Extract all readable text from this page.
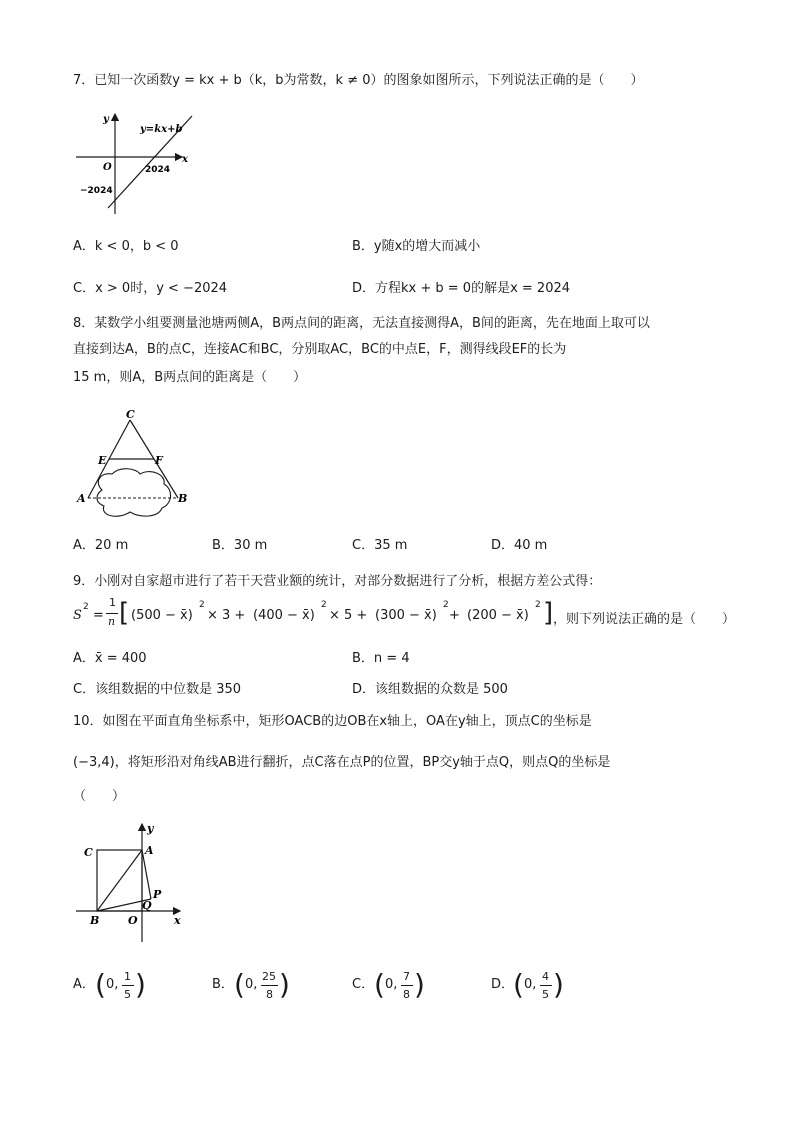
7．已知一次函数y = kx + b（k，b为常数，k ≠ 0）的图象如图所示，下列说法正确的是（　　）
y
y=kx+b
x
O	2024
−2024
A．k < 0，b < 0	B．y随x的增大而减小
C．x > 0时，y < −2024	D．方程kx + b = 0的解是x = 2024
8．某数学小组要测量池塘两侧A，B两点间的距离，无法直接测得A，B间的距离，先在地面上取可以
直接到达A，B的点C，连接AC和BC，分别取AC，BC的中点E，F，测得线段EF的长为
15 m，则A，B两点间的距离是（　　）
C
E	F
A	B
A．20 m	B．30 m	C．35 m	D．40 m
9．小刚对自家超市进行了若干天营业额的统计，对部分数据进行了分析，根据方差公式得：
S
2
=
1
n [ (500 − x̄)
2
× 3 + (400 − x̄)
2
× 5 + (300 − x̄)
2
+ (200 − x̄)
2 ] ，则下列说法正确的是（　　）
A．x̄ = 400	B．n = 4
C．该组数据的中位数是 350	D．该组数据的众数是 500
10．如图在平面直角坐标系中，矩形OACB的边OB在x轴上，OA在y轴上，顶点C的坐标是
(−3,4)，将矩形沿对角线AB进行翻折，点C落在点P的位置，BP交y轴于点Q，则点Q的坐标是
（　　）
C	A
y
P
Q
B	O	x
A． ( 0,
1
5 )	B． ( 0,
25
8 )	C． ( 0,
7
8 )	D．
( 0,
4
5 )
